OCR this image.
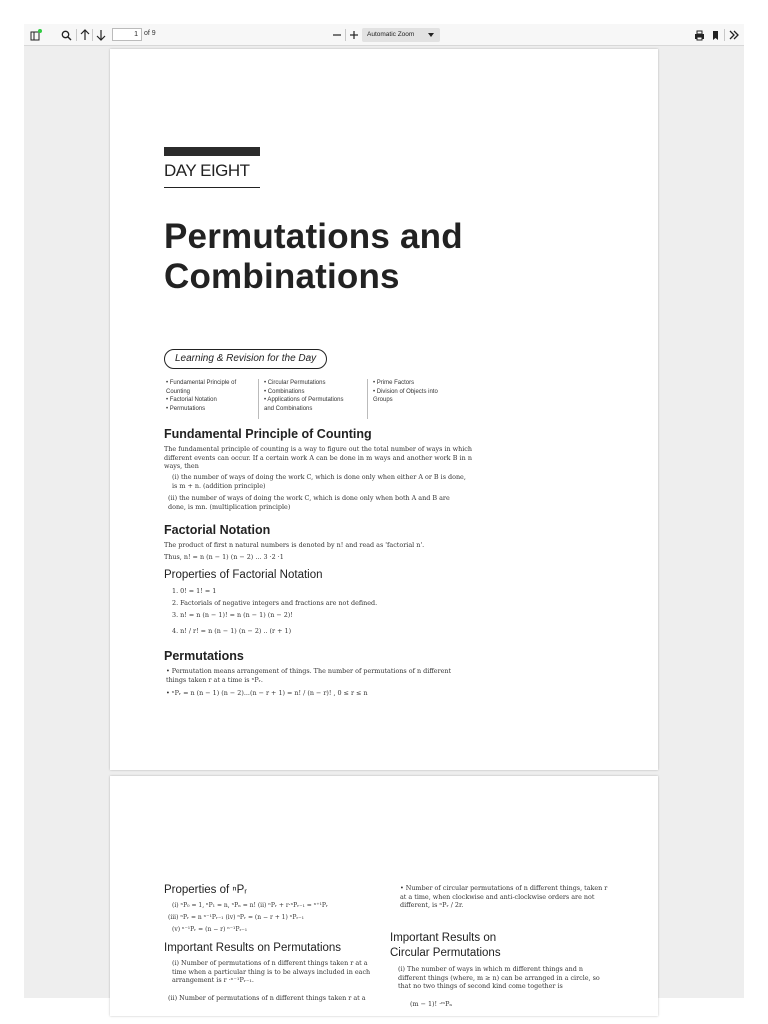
1 of 9	Automatic Zoom
DAY EIGHT
Permutations and
Combinations
Learning & Revision for the Day
• Fundamental Principle of
Counting
• Factorial Notation
• Permutations
• Circular Permutations
• Combinations
• Applications of Permutations
and Combinations
• Prime Factors
• Division of Objects into
Groups
Fundamental Principle of Counting
The fundamental principle of counting is a way to figure out the total number of ways in which different events can occur. If a certain work A can be done in m ways and another work B in n ways, then
(i) the number of ways of doing the work C, which is done only when either A or B is done, is m + n. (addition principle)
(ii) the number of ways of doing the work C, which is done only when both A and B are done, is mn. (multiplication principle)
Factorial Notation
The product of first n natural numbers is denoted by n! and read as 'factorial n'.
Thus, n! = n (n − 1) (n − 2) ... 3 ·2 ·1
Properties of Factorial Notation
1. 0! = 1! = 1
2. Factorials of negative integers and fractions are not defined.
3. n! = n (n − 1)! = n (n − 1) (n − 2)!
4. n! / r! = n (n − 1) (n − 2) .. (r + 1)
Permutations
• Permutation means arrangement of things. The number of permutations of n different things taken r at a time is ⁿPᵣ.
• ⁿPᵣ = n (n − 1) (n − 2)...(n − r + 1) = n! / (n − r)! , 0 ≤ r ≤ n
Properties of ⁿPᵣ
(i) ⁿP₀ = 1, ⁿP₁ = n, ⁿPₙ = n! (ii) ⁿPᵣ + r·ⁿPᵣ₋₁ = ⁿ⁺¹Pᵣ
(iii) ⁿPᵣ = n ⁿ⁻¹Pᵣ₋₁ (iv) ⁿPᵣ = (n − r + 1) ⁿPᵣ₋₁
(v) ⁿ⁻¹Pᵣ = (n − r) ⁿ⁻¹Pᵣ₋₁
Important Results on Permutations
(i) Number of permutations of n different things taken r at a time when a particular thing is to be always included in each arrangement is r ·ⁿ⁻¹Pᵣ₋₁.
(ii) Number of permutations of n different things taken r at a
• Number of circular permutations of n different things, taken r at a time, when clockwise and anti-clockwise orders are not different, is ⁿPᵣ / 2r.
Important Results on
Circular Permutations
(i) The number of ways in which m different things and n different things (where, m ≥ n) can be arranged in a circle, so that no two things of second kind come together is
(m − 1)! ·ᵐPₙ
